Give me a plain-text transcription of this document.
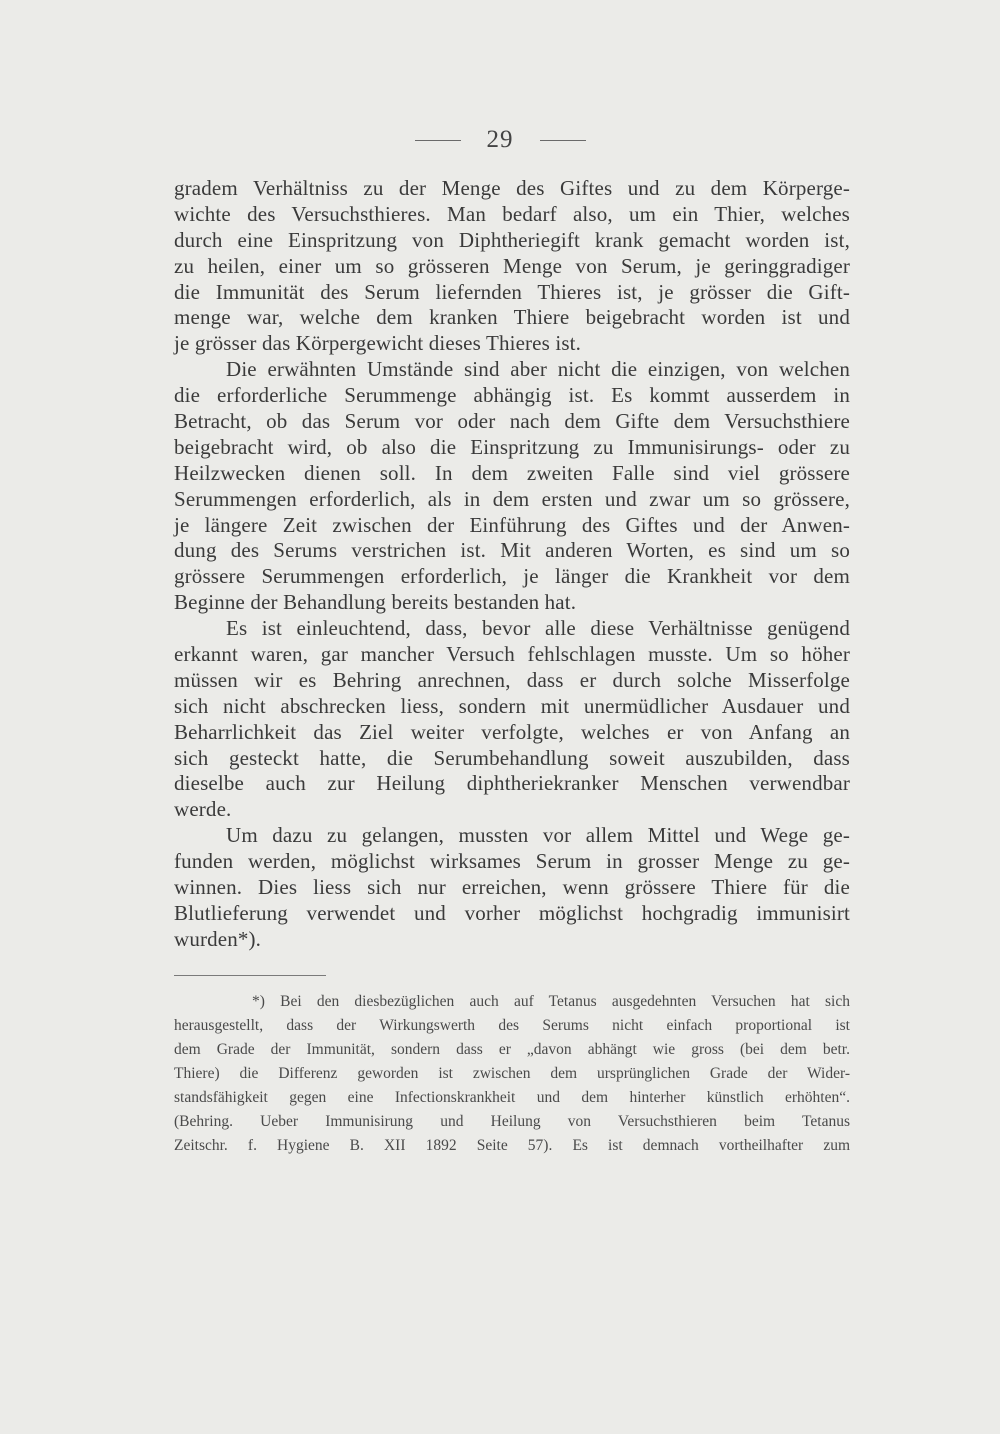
29
gradem Verhältniss zu der Menge des Giftes und zu dem Körperge-
wichte des Versuchsthieres. Man bedarf also, um ein Thier, welches
durch eine Einspritzung von Diphtheriegift krank gemacht worden ist,
zu heilen, einer um so grösseren Menge von Serum, je geringgradiger
die Immunität des Serum liefernden Thieres ist, je grösser die Gift-
menge war, welche dem kranken Thiere beigebracht worden ist und
je grösser das Körpergewicht dieses Thieres ist.
Die erwähnten Umstände sind aber nicht die einzigen, von welchen
die erforderliche Serummenge abhängig ist. Es kommt ausserdem in
Betracht, ob das Serum vor oder nach dem Gifte dem Versuchsthiere
beigebracht wird, ob also die Einspritzung zu Immunisirungs- oder zu
Heilzwecken dienen soll. In dem zweiten Falle sind viel grössere
Serummengen erforderlich, als in dem ersten und zwar um so grössere,
je längere Zeit zwischen der Einführung des Giftes und der Anwen-
dung des Serums verstrichen ist. Mit anderen Worten, es sind um so
grössere Serummengen erforderlich, je länger die Krankheit vor dem
Beginne der Behandlung bereits bestanden hat.
Es ist einleuchtend, dass, bevor alle diese Verhältnisse genügend
erkannt waren, gar mancher Versuch fehlschlagen musste. Um so höher
müssen wir es Behring anrechnen, dass er durch solche Misserfolge
sich nicht abschrecken liess, sondern mit unermüdlicher Ausdauer und
Beharrlichkeit das Ziel weiter verfolgte, welches er von Anfang an
sich gesteckt hatte, die Serumbehandlung soweit auszubilden, dass
dieselbe auch zur Heilung diphtheriekranker Menschen verwendbar
werde.
Um dazu zu gelangen, mussten vor allem Mittel und Wege ge-
funden werden, möglichst wirksames Serum in grosser Menge zu ge-
winnen. Dies liess sich nur erreichen, wenn grössere Thiere für die
Blutlieferung verwendet und vorher möglichst hochgradig immunisirt
wurden*).
*) Bei den diesbezüglichen auch auf Tetanus ausgedehnten Versuchen hat sich
herausgestellt, dass der Wirkungswerth des Serums nicht einfach proportional ist
dem Grade der Immunität, sondern dass er „davon abhängt wie gross (bei dem betr.
Thiere) die Differenz geworden ist zwischen dem ursprünglichen Grade der Wider-
standsfähigkeit gegen eine Infectionskrankheit und dem hinterher künstlich erhöhten“.
(Behring. Ueber Immunisirung und Heilung von Versuchsthieren beim Tetanus
Zeitschr. f. Hygiene B. XII 1892 Seite 57). Es ist demnach vortheilhafter zum
